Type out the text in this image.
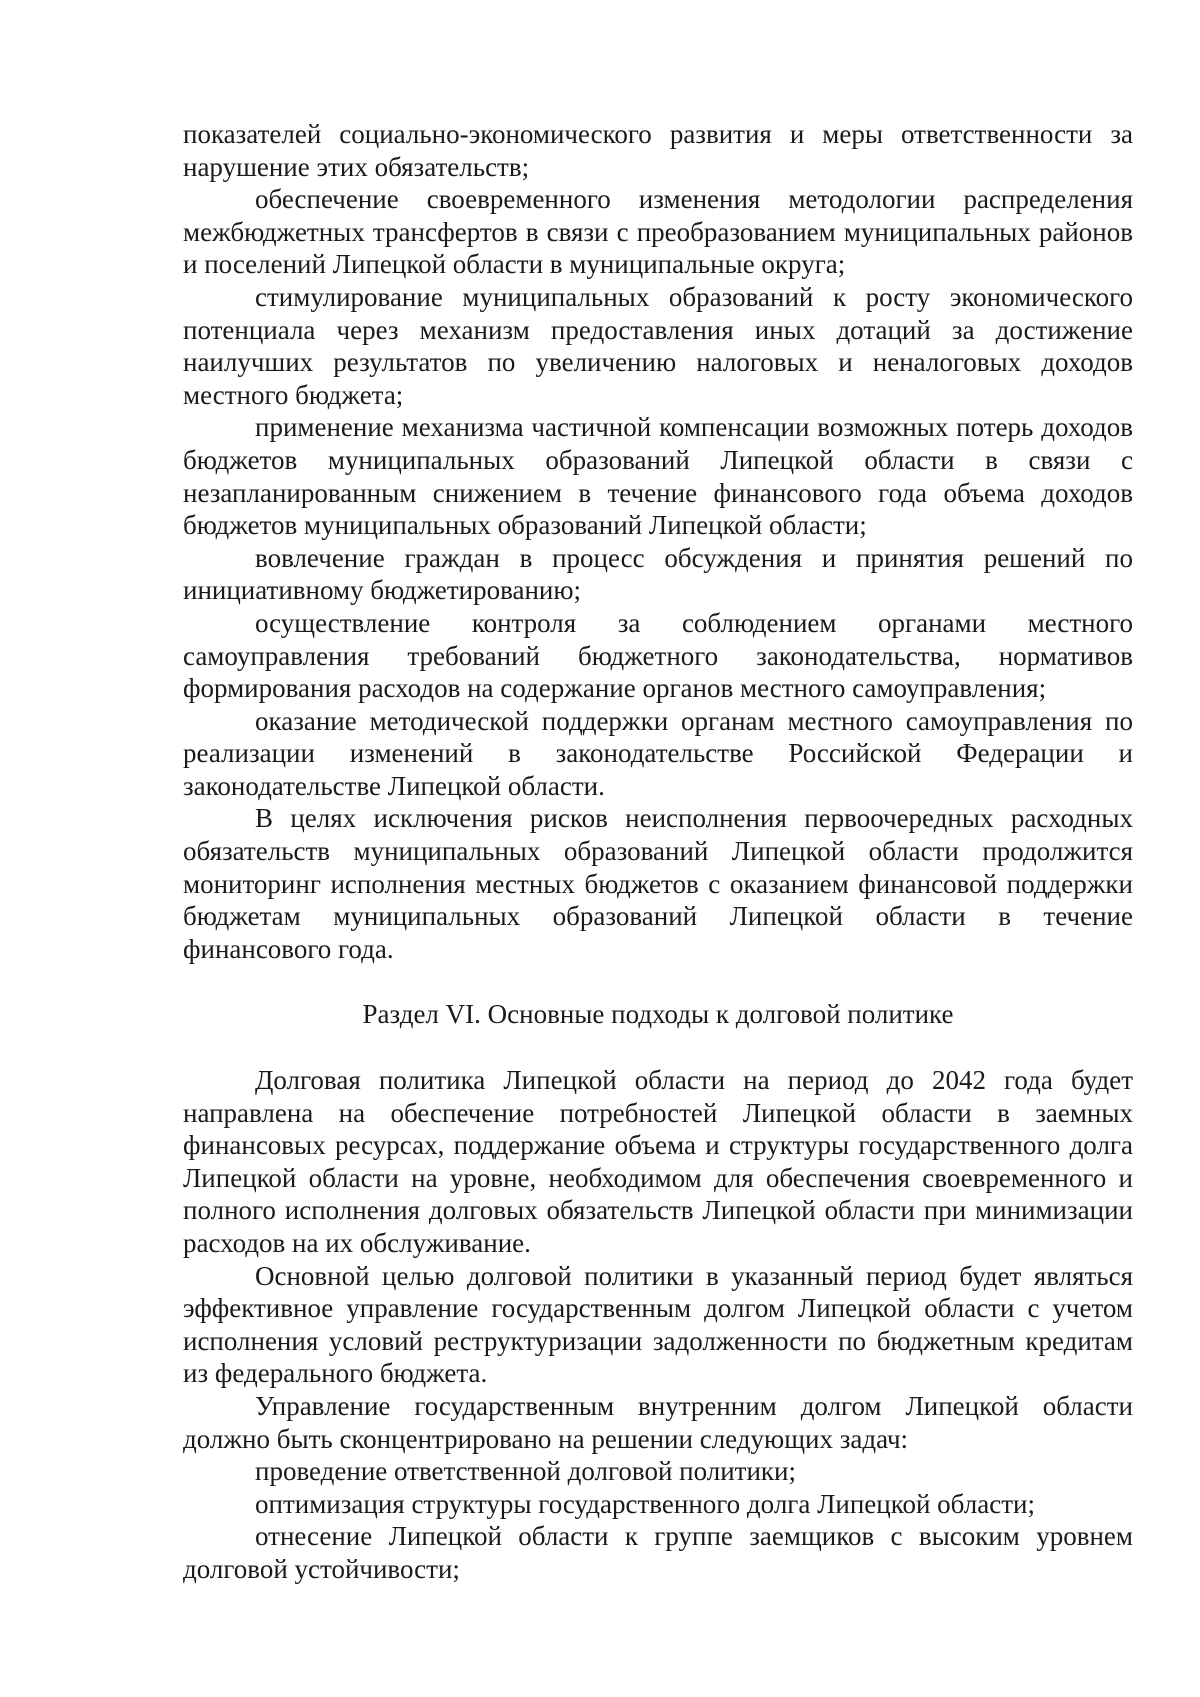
показателей социально-экономического развития и меры ответственности за нарушение этих обязательств;

обеспечение своевременного изменения методологии распределения межбюджетных трансфертов в связи с преобразованием муниципальных районов и поселений Липецкой области в муниципальные округа;

стимулирование муниципальных образований к росту экономического потенциала через механизм предоставления иных дотаций за достижение наилучших результатов по увеличению налоговых и неналоговых доходов местного бюджета;

применение механизма частичной компенсации возможных потерь доходов бюджетов муниципальных образований Липецкой области в связи с незапланированным снижением в течение финансового года объема доходов бюджетов муниципальных образований Липецкой области;

вовлечение граждан в процесс обсуждения и принятия решений по инициативному бюджетированию;

осуществление контроля за соблюдением органами местного самоуправления требований бюджетного законодательства, нормативов формирования расходов на содержание органов местного самоуправления;

оказание методической поддержки органам местного самоуправления по реализации изменений в законодательстве Российской Федерации и законодательстве Липецкой области.

В целях исключения рисков неисполнения первоочередных расходных обязательств муниципальных образований Липецкой области продолжится мониторинг исполнения местных бюджетов с оказанием финансовой поддержки бюджетам муниципальных образований Липецкой области в течение финансового года.

Раздел VI. Основные подходы к долговой политике

Долговая политика Липецкой области на период до 2042 года будет направлена на обеспечение потребностей Липецкой области в заемных финансовых ресурсах, поддержание объема и структуры государственного долга Липецкой области на уровне, необходимом для обеспечения своевременного и полного исполнения долговых обязательств Липецкой области при минимизации расходов на их обслуживание.

Основной целью долговой политики в указанный период будет являться эффективное управление государственным долгом Липецкой области с учетом исполнения условий реструктуризации задолженности по бюджетным кредитам из федерального бюджета.

Управление государственным внутренним долгом Липецкой области должно быть сконцентрировано на решении следующих задач:

проведение ответственной долговой политики;

оптимизация структуры государственного долга Липецкой области;

отнесение Липецкой области к группе заемщиков с высоким уровнем долговой устойчивости;
